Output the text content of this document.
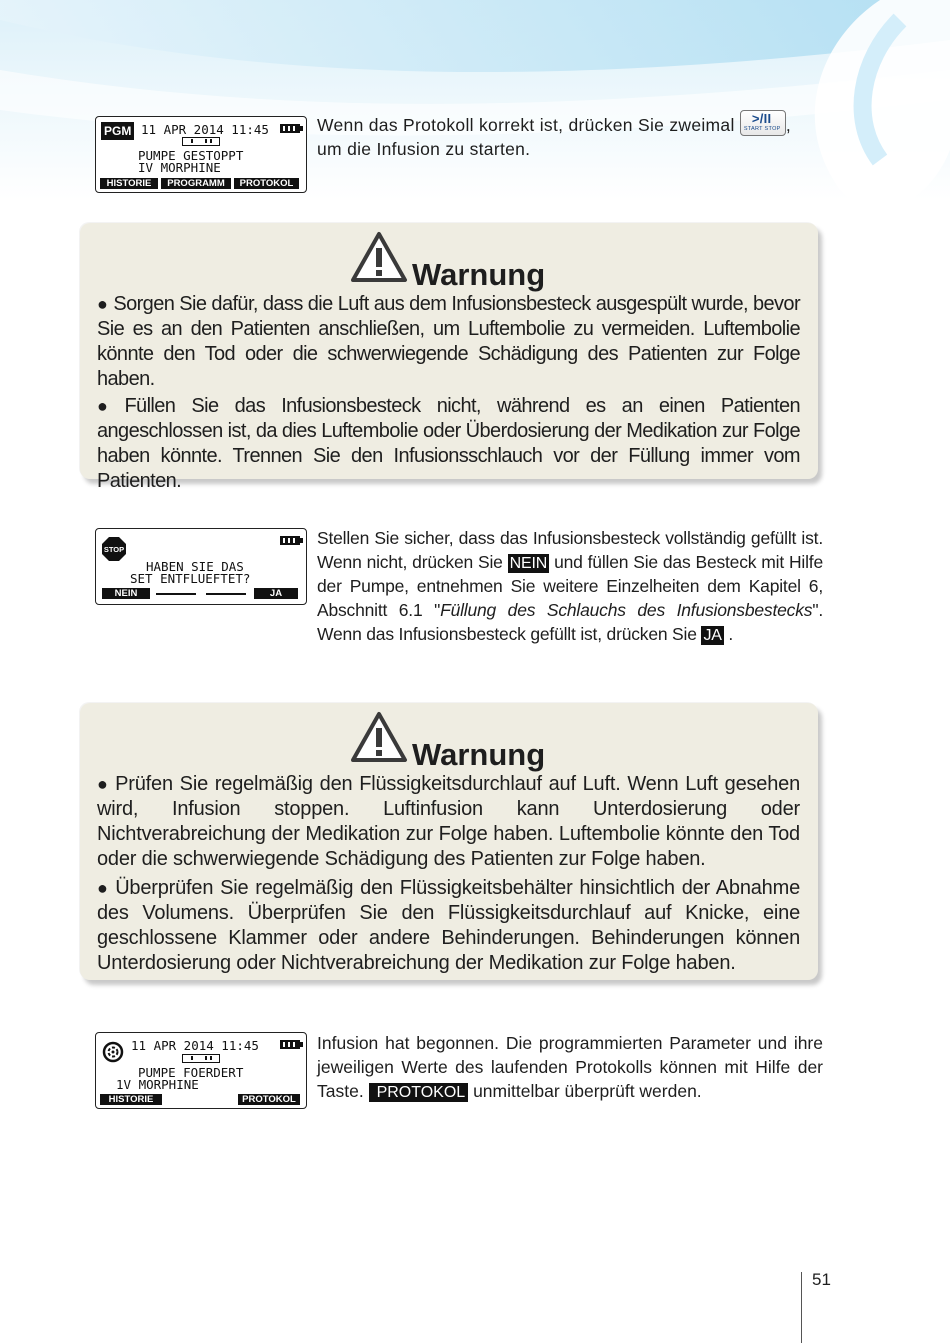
PGM 11 APR 2014 11:45
PUMPE GESTOPPT
IV MORPHINE
HISTORIE	PROGRAMM	PROTOKOL
Wenn das Protokoll korrekt ist, drücken Sie zweimal >/II
START STOP ,
um die Infusion zu starten.
Warnung

● Sorgen Sie dafür, dass die Luft aus dem Infusionsbesteck ausgespült wurde, bevor Sie es an den Patienten anschließen, um Luftembolie zu vermeiden. Luftembolie könnte den Tod oder die schwerwiegende Schädigung des Patienten zur Folge haben.

● Füllen Sie das Infusionsbesteck nicht, während es an einen Patienten angeschlossen ist, da dies Luftembolie oder Überdosierung der Medikation zur Folge haben könnte. Trennen Sie den Infusionsschlauch vor der Füllung immer vom Patienten.

STOP
HABEN SIE DAS
SET ENTFLUEFTET?
NEIN	JA
Stellen Sie sicher, dass das Infusionsbesteck vollständig gefüllt ist. Wenn nicht, drücken Sie NEIN und füllen Sie das Besteck mit Hilfe der Pumpe, entnehmen Sie weitere Einzelheiten dem Kapitel 6, Abschnitt 6.1 "Füllung des Schlauchs des Infusionsbestecks". Wenn das Infusionsbesteck gefüllt ist, drücken Sie JA .
Warnung

● Prüfen Sie regelmäßig den Flüssigkeitsdurchlauf auf Luft. Wenn Luft gesehen wird, Infusion stoppen. Luftinfusion kann Unterdosierung oder Nichtverabreichung der Medikation zur Folge haben. Luftembolie könnte den Tod oder die schwerwiegende Schädigung des Patienten zur Folge haben.

● Überprüfen Sie regelmäßig den Flüssigkeitsbehälter hinsichtlich der Abnahme des Volumens. Überprüfen Sie den Flüssigkeitsdurchlauf auf Knicke, eine geschlossene Klammer oder andere Behinderungen. Behinderungen können Unterdosierung oder Nichtverabreichung der Medikation zur Folge haben.

11 APR 2014 11:45
PUMPE FOERDERT
1V MORPHINE
HISTORIE	PROTOKOL
Infusion hat begonnen. Die programmierten Parameter und ihre jeweiligen Werte des laufenden Protokolls können mit Hilfe der Taste. PROTOKOL unmittelbar überprüft werden.
51
